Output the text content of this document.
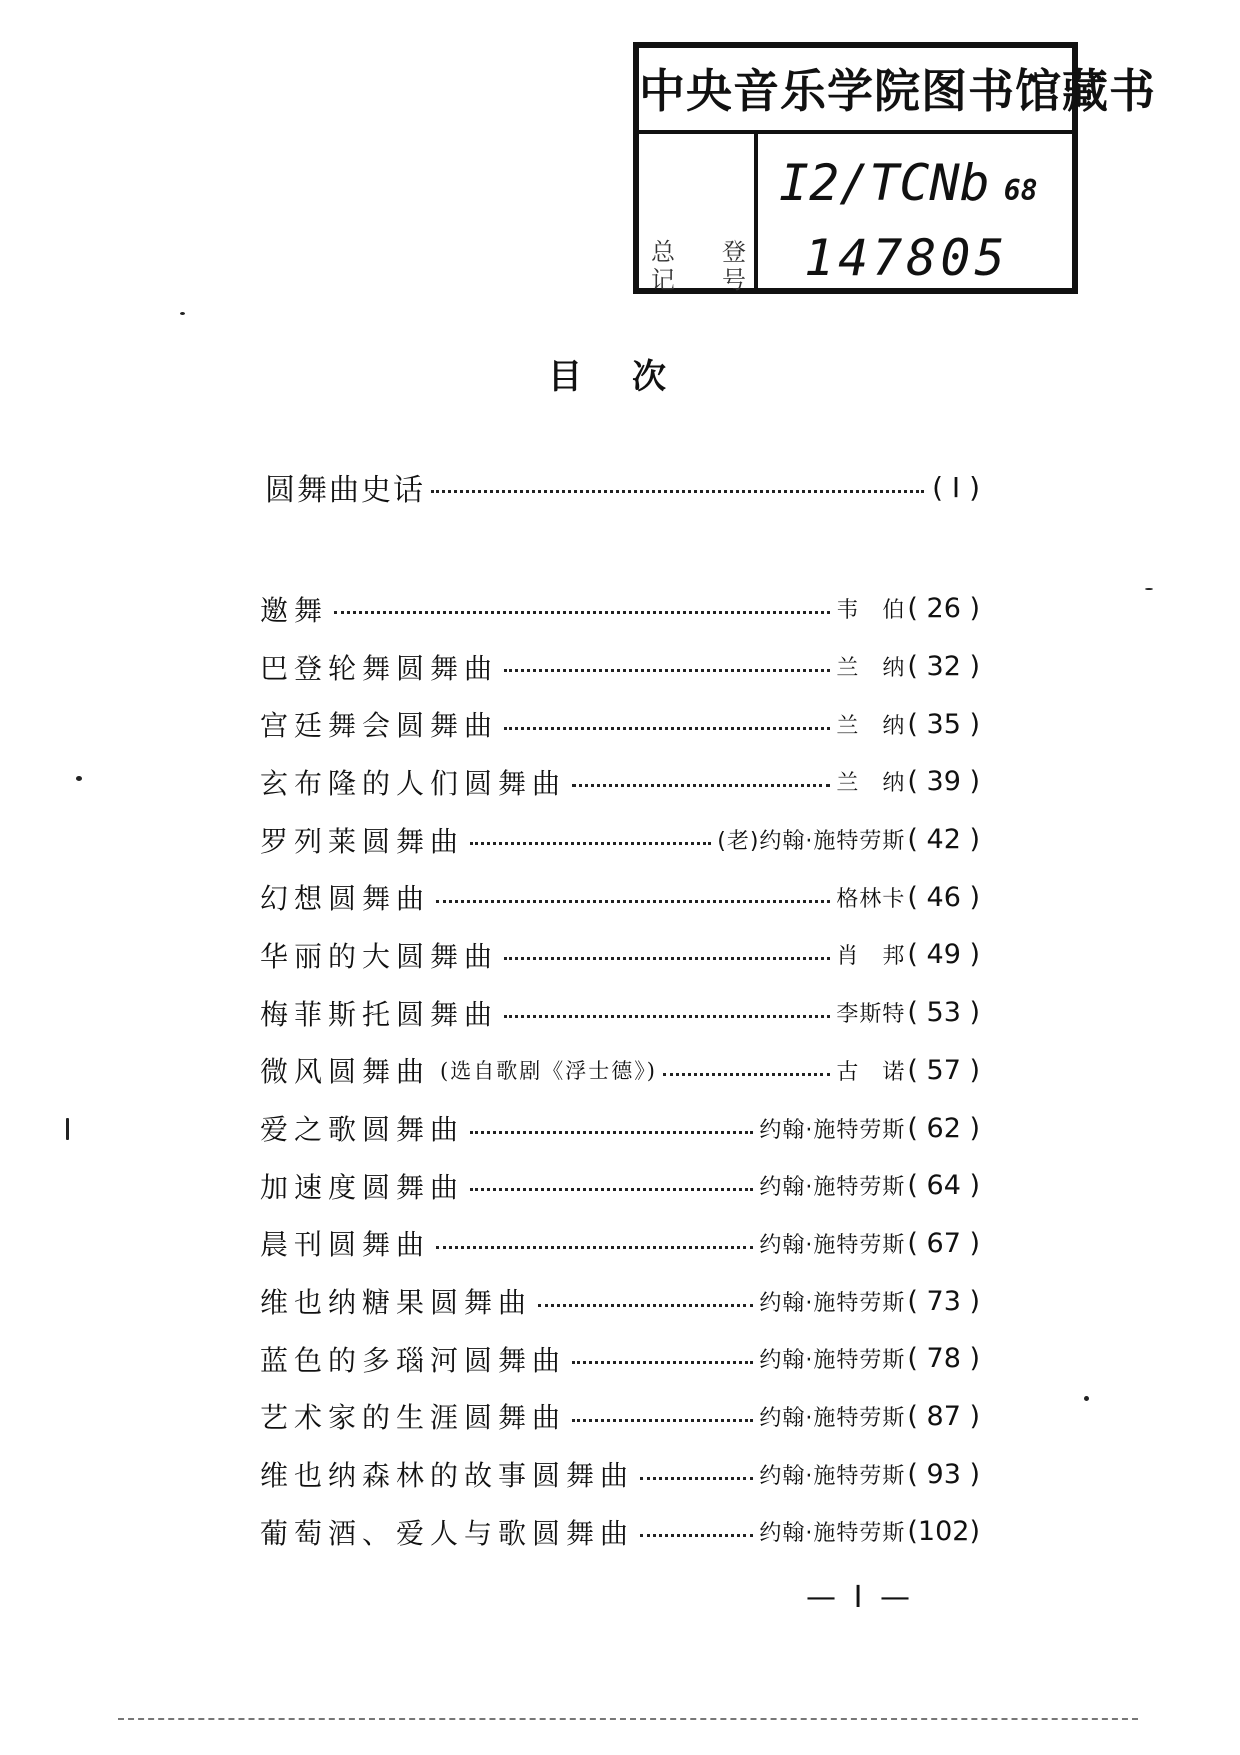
中央音乐学院图书馆藏书
总 登
记 号
I2/TCNb 68
147805
目次
圆舞曲史话	( I )
邀舞	韦　伯 ( 26 )
巴登轮舞圆舞曲	兰　纳 ( 32 )
宫廷舞会圆舞曲	兰　纳 ( 35 )
玄布隆的人们圆舞曲	兰　纳 ( 39 )
罗列莱圆舞曲	(老)约翰·施特劳斯 ( 42 )
幻想圆舞曲	格林卡 ( 46 )
华丽的大圆舞曲	肖　邦 ( 49 )
梅菲斯托圆舞曲	李斯特 ( 53 )
微风圆舞曲 (选自歌剧《浮士德》)	古　诺 ( 57 )
爱之歌圆舞曲	约翰·施特劳斯 ( 62 )
加速度圆舞曲	约翰·施特劳斯 ( 64 )
晨刊圆舞曲	约翰·施特劳斯 ( 67 )
维也纳糖果圆舞曲	约翰·施特劳斯 ( 73 )
蓝色的多瑙河圆舞曲	约翰·施特劳斯 ( 78 )
艺术家的生涯圆舞曲	约翰·施特劳斯 ( 87 )
维也纳森林的故事圆舞曲	约翰·施特劳斯 ( 93 )
葡萄酒、爱人与歌圆舞曲	约翰·施特劳斯 (102)
— I —
